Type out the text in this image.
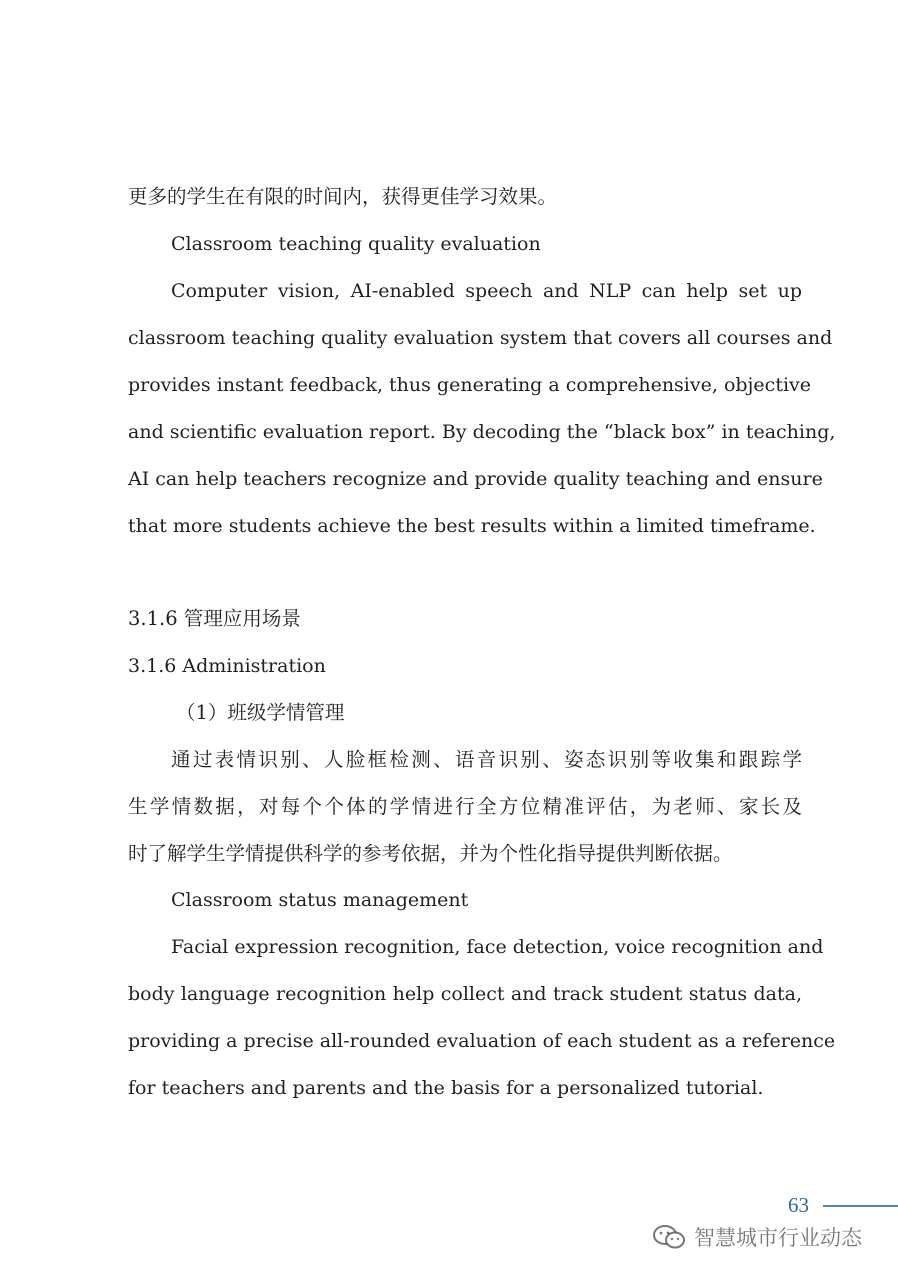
更多的学生在有限的时间内，获得更佳学习效果。
Classroom teaching quality evaluation
Computer vision, AI-enabled speech and NLP can help set up
classroom teaching quality evaluation system that covers all courses and
provides instant feedback, thus generating a comprehensive, objective
and scientific evaluation report. By decoding the “black box” in teaching,
AI can help teachers recognize and provide quality teaching and ensure
that more students achieve the best results within a limited timeframe.
3.1.6 管理应用场景
3.1.6 Administration
（1）班级学情管理
通过表情识别、人脸框检测、语音识别、姿态识别等收集和跟踪学
生学情数据，对每个个体的学情进行全方位精准评估，为老师、家长及
时了解学生学情提供科学的参考依据，并为个性化指导提供判断依据。
Classroom status management
Facial expression recognition, face detection, voice recognition and
body language recognition help collect and track student status data,
providing a precise all-rounded evaluation of each student as a reference
for teachers and parents and the basis for a personalized tutorial.
63
智慧城市行业动态
